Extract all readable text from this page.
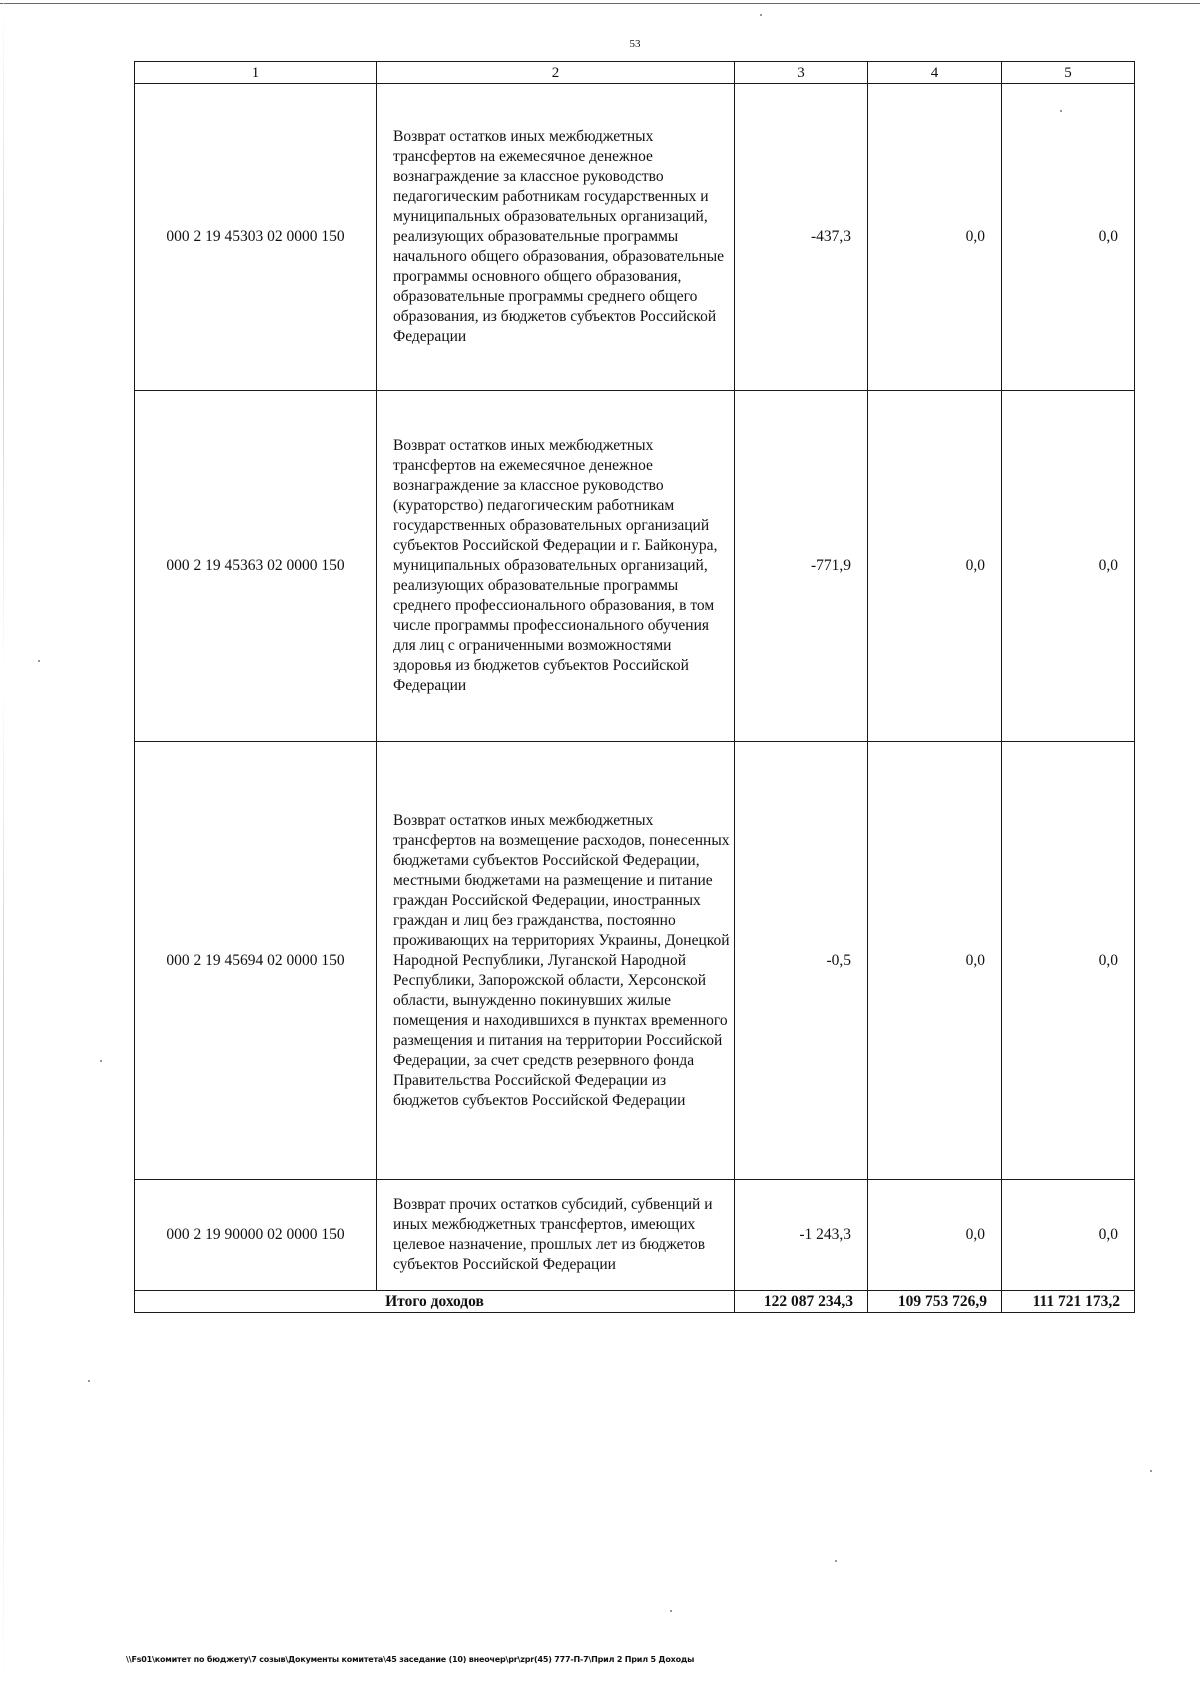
53
1	2	3	4	5
000 2 19 45303 02 0000 150	Возврат остатков иных межбюджетных трансфертов на ежемесячное денежное вознаграждение за классное руководство педагогическим работникам государственных и муниципальных образовательных организаций, реализующих образовательные программы начального общего образования, образовательные программы основного общего образования, образовательные программы среднего общего образования, из бюджетов субъектов Российской Федерации	-437,3	0,0	0,0
000 2 19 45363 02 0000 150	Возврат остатков иных межбюджетных трансфертов на ежемесячное денежное вознаграждение за классное руководство (кураторство) педагогическим работникам государственных образовательных организаций субъектов Российской Федерации и г. Байконура, муниципальных образовательных организаций, реализующих образовательные программы среднего профессионального образования, в том числе программы профессионального обучения для лиц с ограниченными возможностями здоровья из бюджетов субъектов Российской Федерации	-771,9	0,0	0,0
000 2 19 45694 02 0000 150	Возврат остатков иных межбюджетных трансфертов на возмещение расходов, понесенных бюджетами субъектов Российской Федерации, местными бюджетами на размещение и питание граждан Российской Федерации, иностранных граждан и лиц без гражданства, постоянно проживающих на территориях Украины, Донецкой Народной Республики, Луганской Народной Республики, Запорожской области, Херсонской области, вынужденно покинувших жилые помещения и находившихся в пунктах временного размещения и питания на территории Российской Федерации, за счет средств резервного фонда Правительства Российской Федерации из бюджетов субъектов Российской Федерации	-0,5	0,0	0,0
000 2 19 90000 02 0000 150	Возврат прочих остатков субсидий, субвенций и иных межбюджетных трансфертов, имеющих целевое назначение, прошлых лет из бюджетов субъектов Российской Федерации	-1 243,3	0,0	0,0
Итого доходов		122 087 234,3	109 753 726,9	111 721 173,2
\\Fs01\комитет по бюджету\7 созыв\Документы комитета\45 заседание (10) внеочер\pr\zpr(45) 777-П-7\Прил 2 Прил 5 Доходы
